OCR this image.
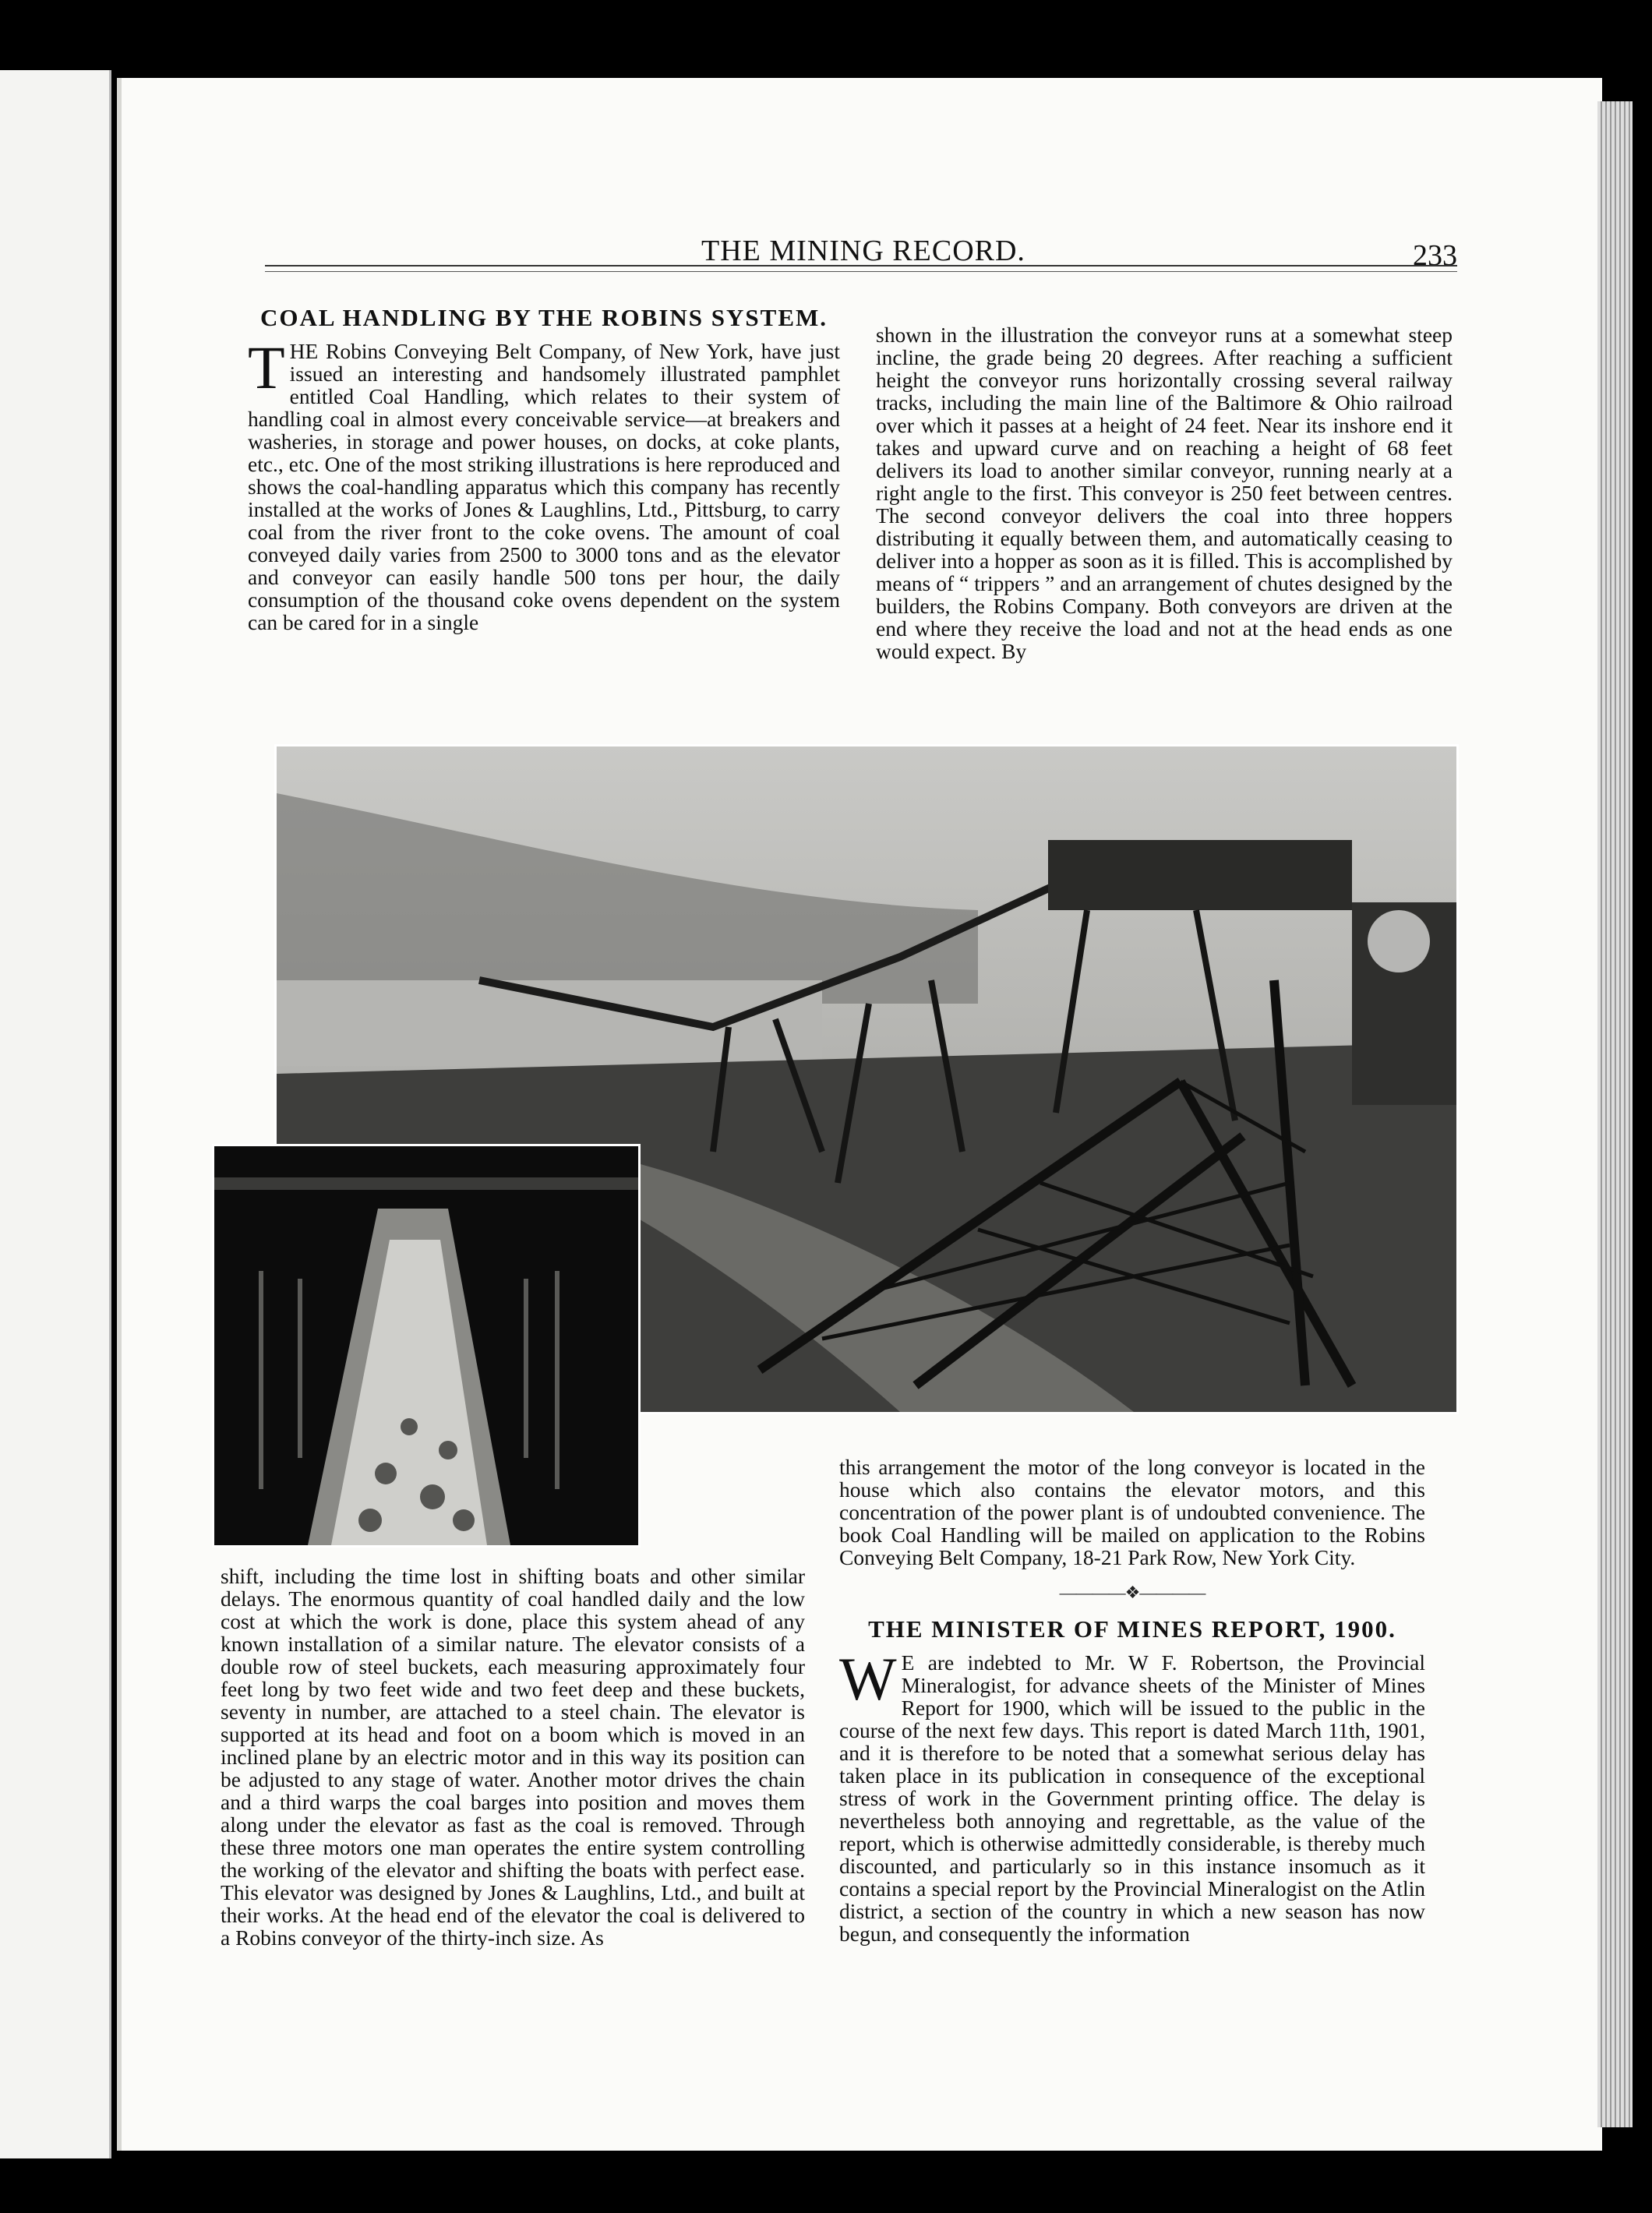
THE MINING RECORD.	233
COAL HANDLING BY THE ROBINS SYSTEM.

THE Robins Conveying Belt Company, of New York, have just issued an interesting and handsomely illustrated pamphlet entitled Coal Handling, which relates to their system of handling coal in almost every conceivable service—at breakers and washeries, in storage and power houses, on docks, at coke plants, etc., etc. One of the most striking illustrations is here reproduced and shows the coal-handling apparatus which this company has recently installed at the works of Jones & Laughlins, Ltd., Pittsburg, to carry coal from the river front to the coke ovens. The amount of coal conveyed daily varies from 2500 to 3000 tons and as the elevator and conveyor can easily handle 500 tons per hour, the daily consumption of the thousand coke ovens dependent on the system can be cared for in a single

shown in the illustration the conveyor runs at a somewhat steep incline, the grade being 20 degrees. After reaching a sufficient height the conveyor runs horizontally crossing several railway tracks, including the main line of the Baltimore & Ohio railroad over which it passes at a height of 24 feet. Near its inshore end it takes and upward curve and on reaching a height of 68 feet delivers its load to another similar conveyor, running nearly at a right angle to the first. This conveyor is 250 feet between centres. The second conveyor delivers the coal into three hoppers distributing it equally between them, and automatically ceasing to deliver into a hopper as soon as it is filled. This is accomplished by means of “ trippers ” and an arrangement of chutes designed by the builders, the Robins Company. Both conveyors are driven at the end where they receive the load and not at the head ends as one would expect. By

shift, including the time lost in shifting boats and other similar delays. The enormous quantity of coal handled daily and the low cost at which the work is done, place this system ahead of any known installation of a similar nature. The elevator consists of a double row of steel buckets, each measuring approximately four feet long by two feet wide and two feet deep and these buckets, seventy in number, are attached to a steel chain. The elevator is supported at its head and foot on a boom which is moved in an inclined plane by an electric motor and in this way its position can be adjusted to any stage of water. Another motor drives the chain and a third warps the coal barges into position and moves them along under the elevator as fast as the coal is removed. Through these three motors one man operates the entire system controlling the working of the elevator and shifting the boats with perfect ease. This elevator was designed by Jones & Laughlins, Ltd., and built at their works. At the head end of the elevator the coal is delivered to a Robins conveyor of the thirty-inch size. As

this arrangement the motor of the long conveyor is located in the house which also contains the elevator motors, and this concentration of the power plant is of undoubted convenience. The book Coal Handling will be mailed on application to the Robins Conveying Belt Company, 18-21 Park Row, New York City.

————❖————
THE MINISTER OF MINES REPORT, 1900.

W E are indebted to Mr. W F. Robertson, the Provincial Mineralogist, for advance sheets of the Minister of Mines Report for 1900, which will be issued to the public in the course of the next few days. This report is dated March 11th, 1901, and it is therefore to be noted that a somewhat serious delay has taken place in its publication in consequence of the exceptional stress of work in the Government printing office. The delay is nevertheless both annoying and regrettable, as the value of the report, which is otherwise admittedly considerable, is thereby much discounted, and particularly so in this instance insomuch as it contains a special report by the Provincial Mineralogist on the Atlin district, a section of the country in which a new season has now begun, and consequently the information
